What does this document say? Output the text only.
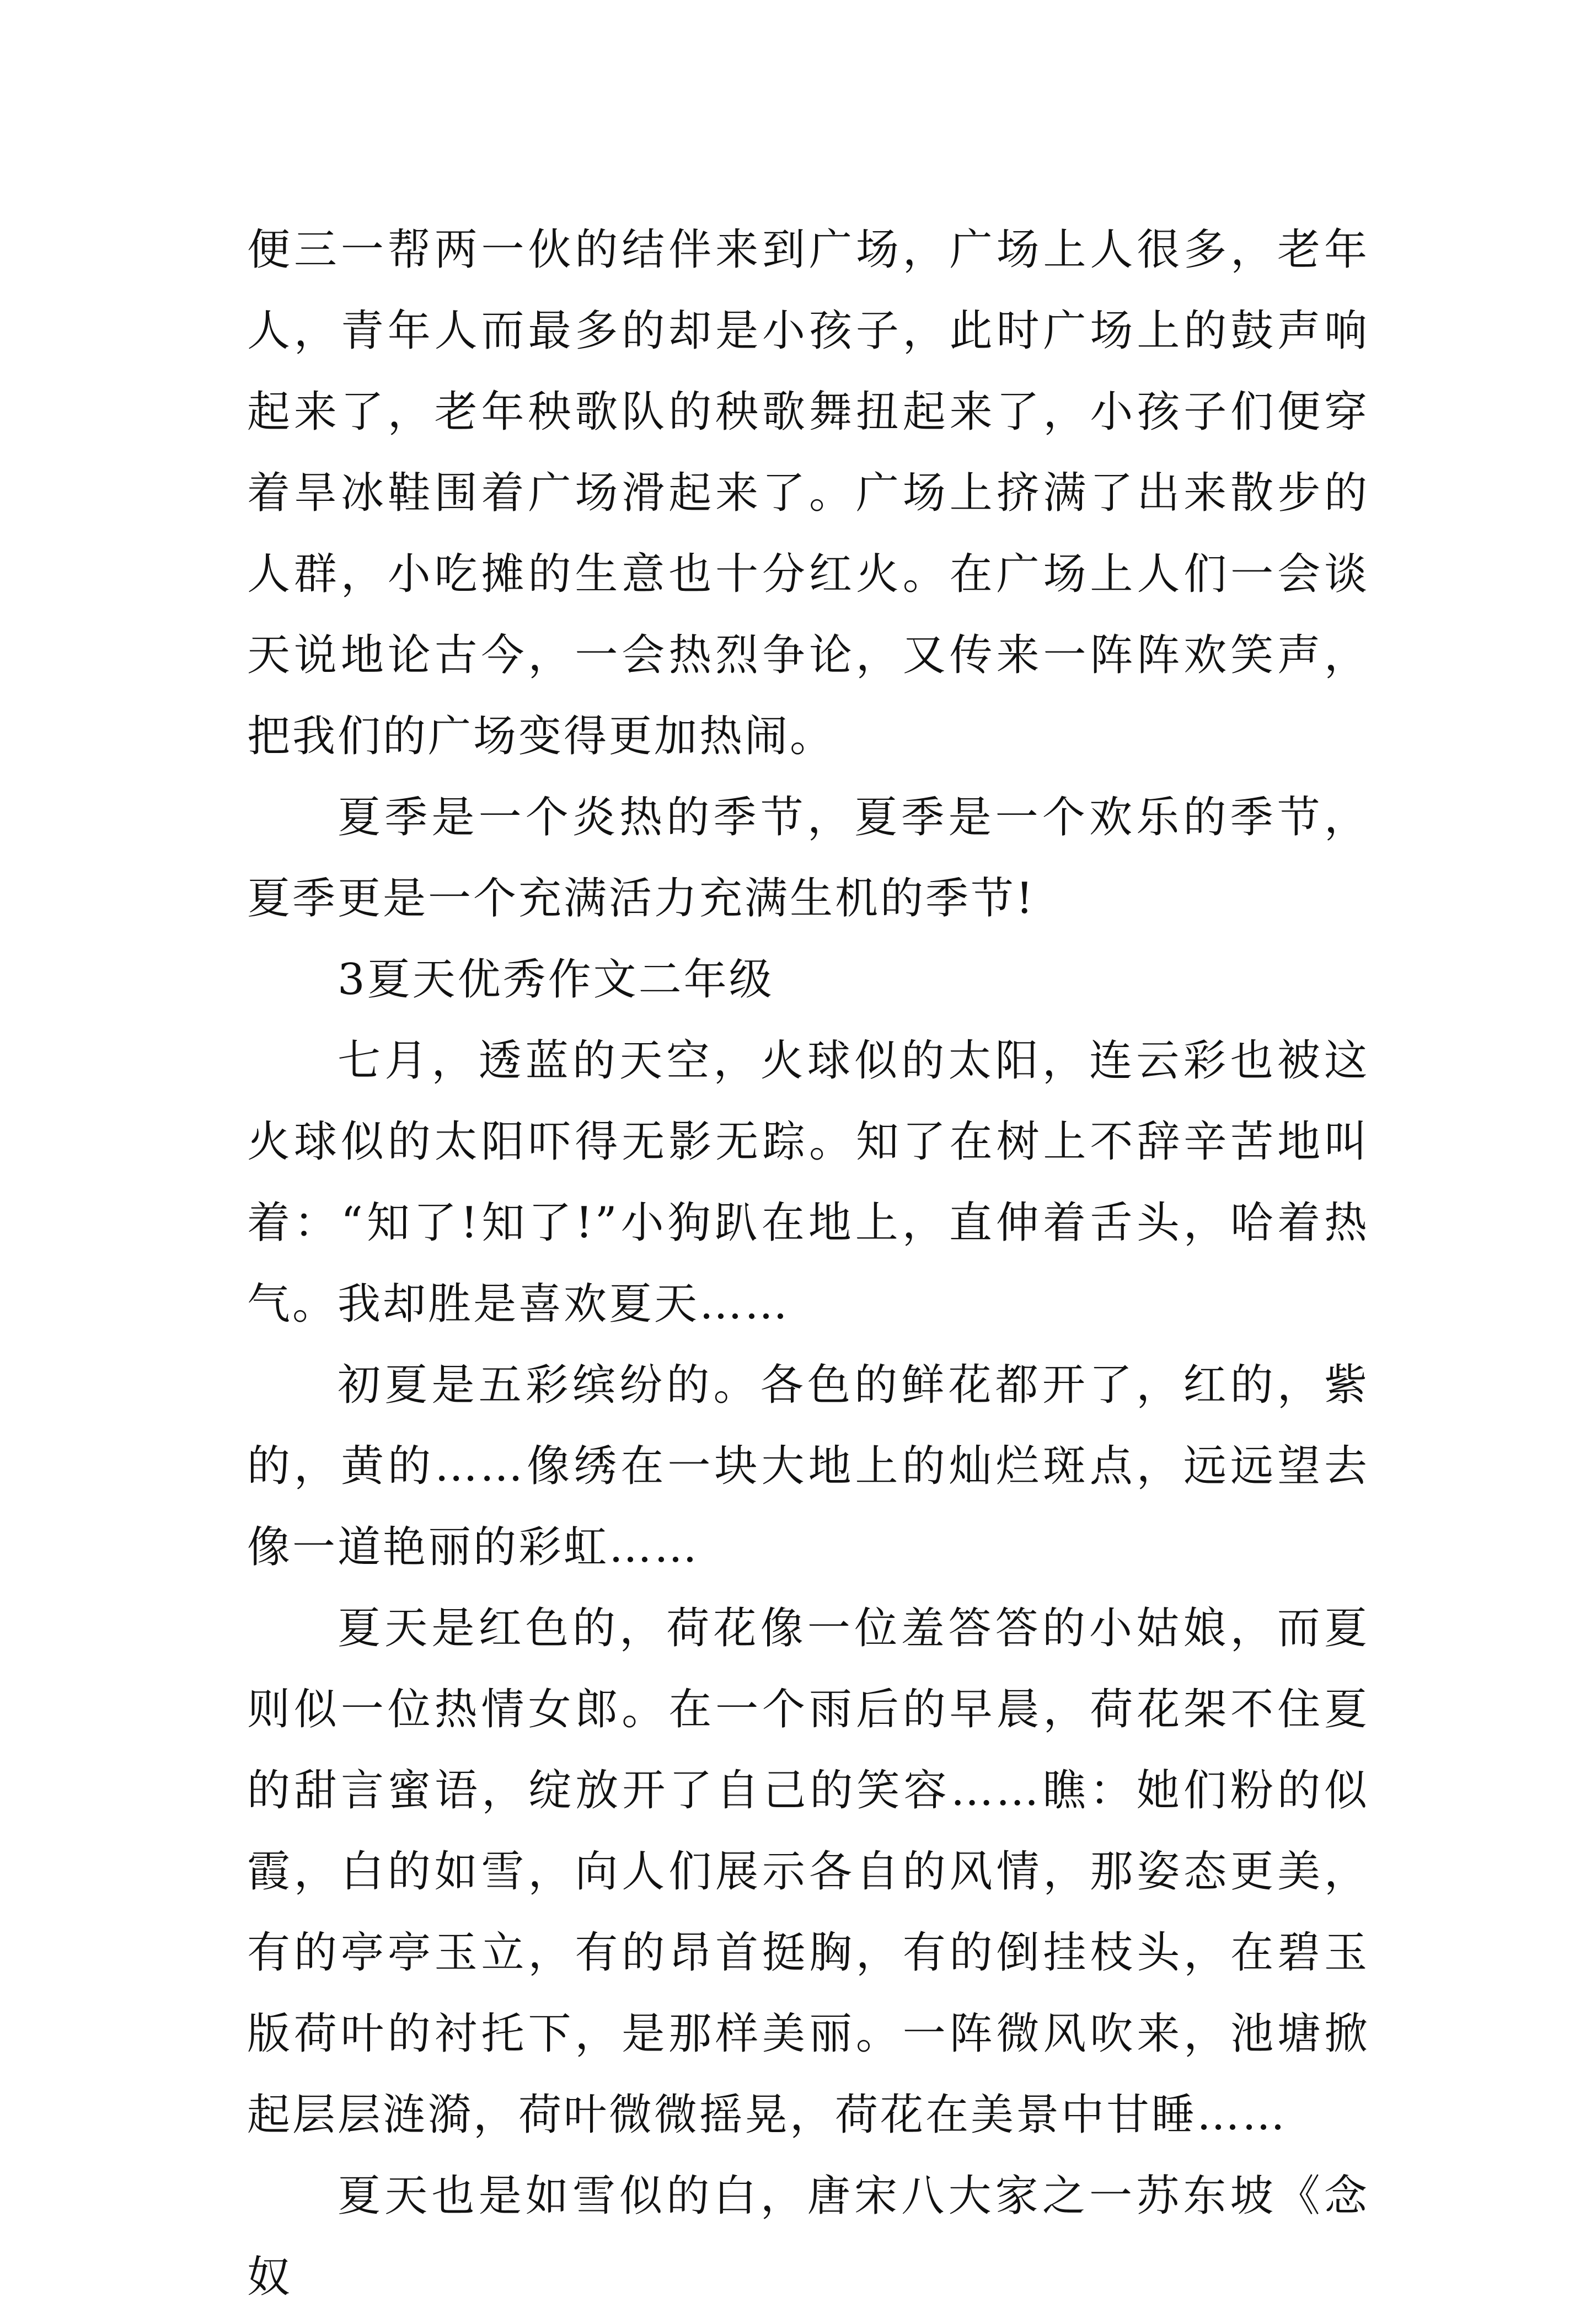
便三一帮两一伙的结伴来到广场，广场上人很多，老年人，青年人而最多的却是小孩子，此时广场上的鼓声响起来了，老年秧歌队的秧歌舞扭起来了，小孩子们便穿着旱冰鞋围着广场滑起来了。广场上挤满了出来散步的人群，小吃摊的生意也十分红火。在广场上人们一会谈天说地论古今，一会热烈争论，又传来一阵阵欢笑声，把我们的广场变得更加热闹。

夏季是一个炎热的季节，夏季是一个欢乐的季节，夏季更是一个充满活力充满生机的季节!

3夏天优秀作文二年级

七月，透蓝的天空，火球似的太阳，连云彩也被这火球似的太阳吓得无影无踪。知了在树上不辞辛苦地叫着：“知了!知了!”小狗趴在地上，直伸着舌头，哈着热气。我却胜是喜欢夏天……

初夏是五彩缤纷的。各色的鲜花都开了，红的，紫的，黄的……像绣在一块大地上的灿烂斑点，远远望去像一道艳丽的彩虹……

夏天是红色的，荷花像一位羞答答的小姑娘，而夏则似一位热情女郎。在一个雨后的早晨，荷花架不住夏的甜言蜜语，绽放开了自己的笑容……瞧：她们粉的似霞，白的如雪，向人们展示各自的风情，那姿态更美，有的亭亭玉立，有的昂首挺胸，有的倒挂枝头，在碧玉版荷叶的衬托下，是那样美丽。一阵微风吹来，池塘掀起层层涟漪，荷叶微微摇晃，荷花在美景中甘睡……

夏天也是如雪似的白，唐宋八大家之一苏东坡《念奴
